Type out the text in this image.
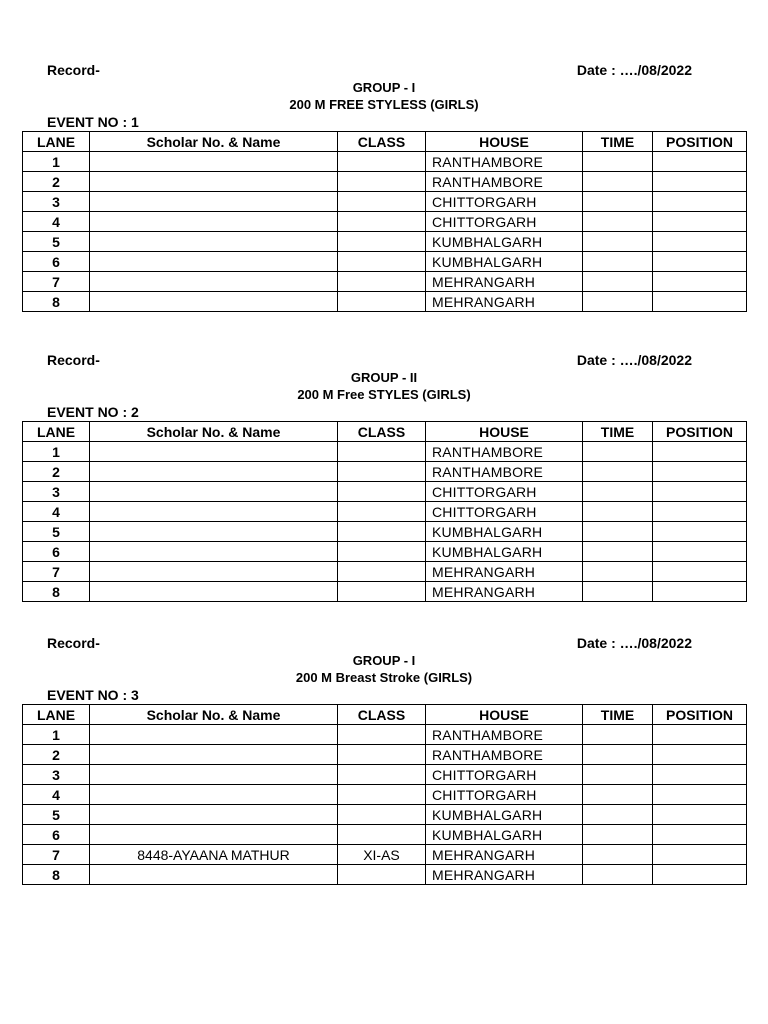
Record-	Date : …./08/2022
GROUP - I
200 M FREE STYLESS (GIRLS)
EVENT NO : 1
LANE	Scholar No. & Name	CLASS	HOUSE	TIME	POSITION
1			RANTHAMBORE		
2			RANTHAMBORE		
3			CHITTORGARH		
4			CHITTORGARH		
5			KUMBHALGARH		
6			KUMBHALGARH		
7			MEHRANGARH		
8			MEHRANGARH		
Record-	Date : …./08/2022
GROUP - II
200 M Free STYLES (GIRLS)
EVENT NO : 2
LANE	Scholar No. & Name	CLASS	HOUSE	TIME	POSITION
1			RANTHAMBORE		
2			RANTHAMBORE		
3			CHITTORGARH		
4			CHITTORGARH		
5			KUMBHALGARH		
6			KUMBHALGARH		
7			MEHRANGARH		
8			MEHRANGARH		
Record-	Date : …./08/2022
GROUP - I
200 M Breast Stroke (GIRLS)
EVENT NO : 3
LANE	Scholar No. & Name	CLASS	HOUSE	TIME	POSITION
1			RANTHAMBORE		
2			RANTHAMBORE		
3			CHITTORGARH		
4			CHITTORGARH		
5			KUMBHALGARH		
6			KUMBHALGARH		
7	8448-AYAANA MATHUR	XI-AS	MEHRANGARH		
8			MEHRANGARH		
